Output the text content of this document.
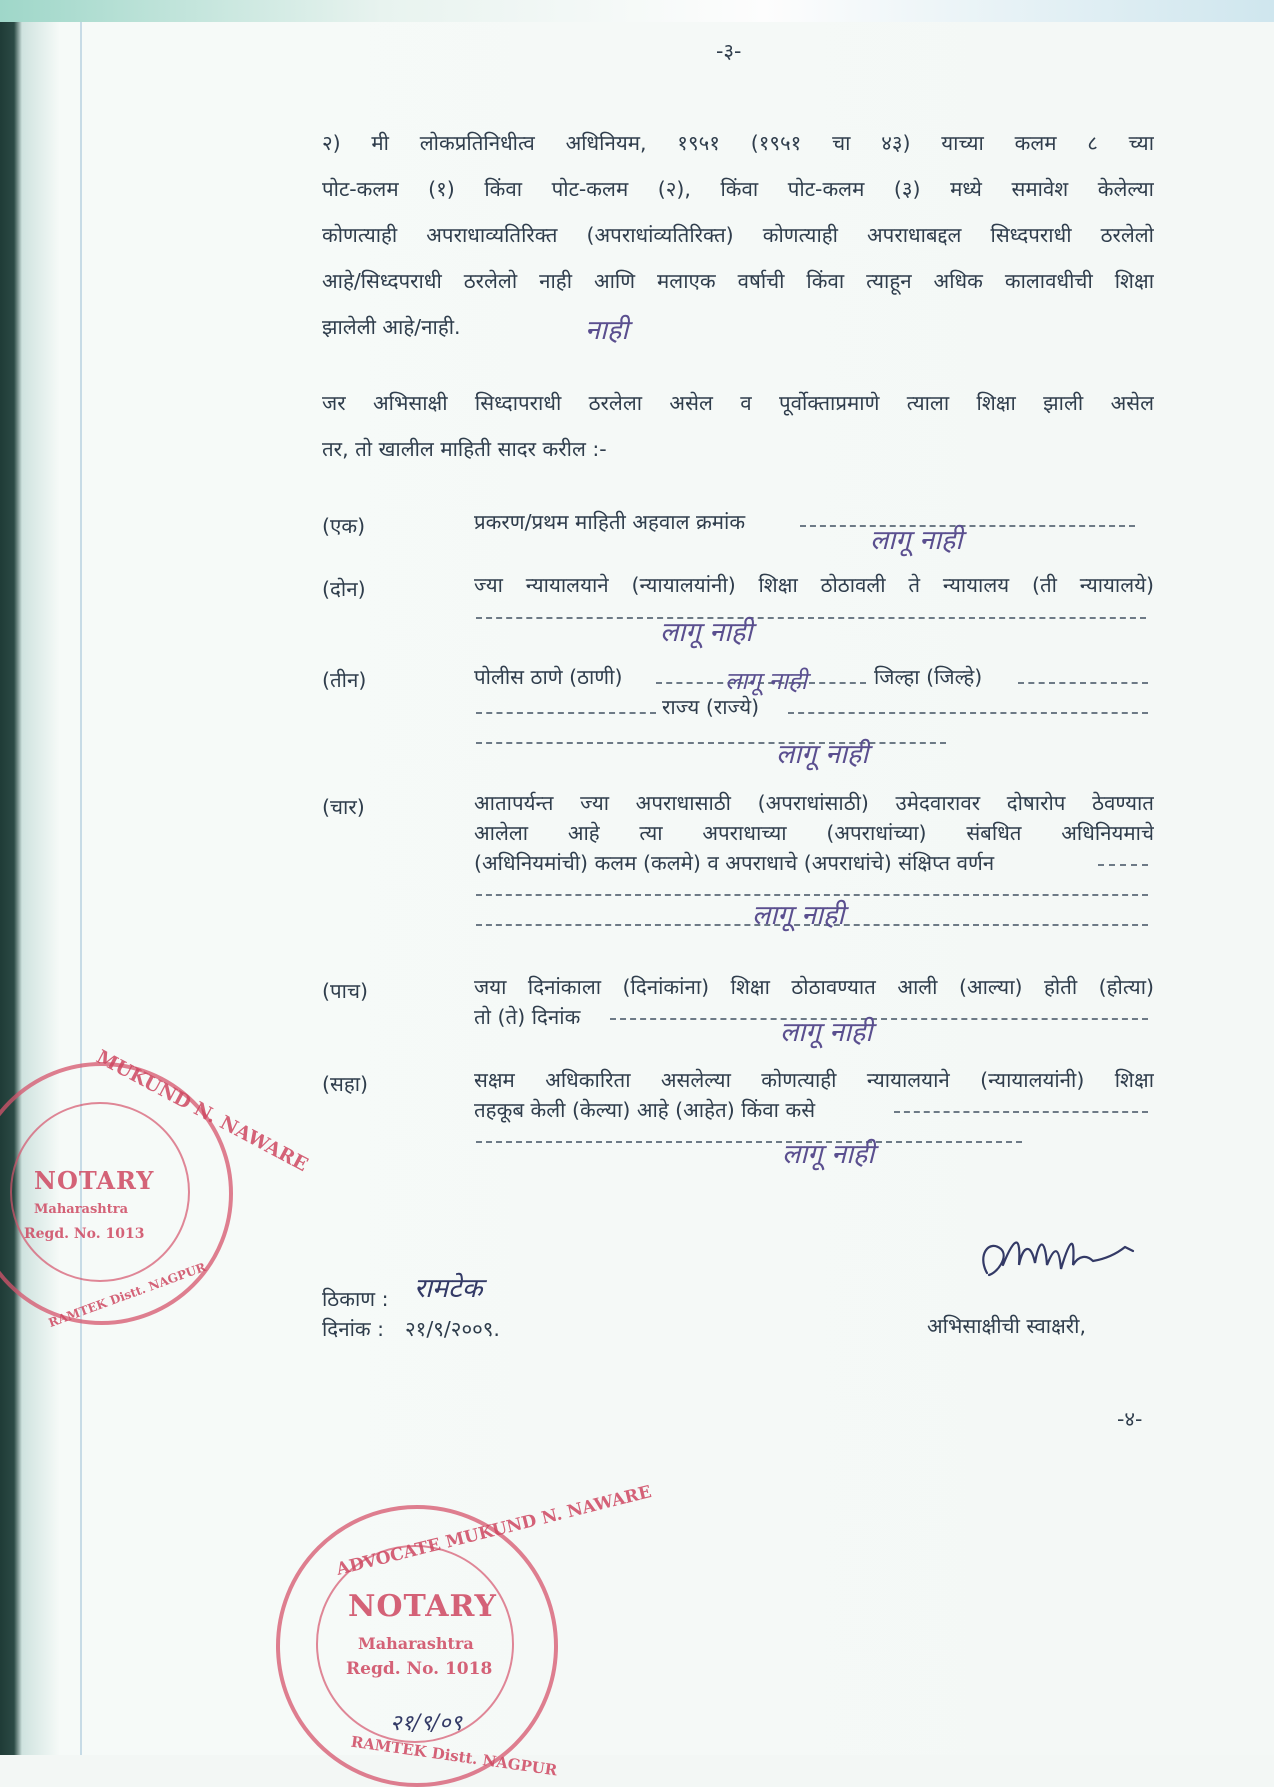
-३-
२) मी लोकप्रतिनिधीत्व अधिनियम, १९५१ (१९५१ चा ४३) याच्या कलम ८ च्या
पोट-कलम (१) किंवा पोट-कलम (२), किंवा पोट-कलम (३) मध्ये समावेश केलेल्या
कोणत्याही अपराधाव्यतिरिक्त (अपराधांव्यतिरिक्त) कोणत्याही अपराधाबद्दल सिध्दपराधी ठरलेलो
आहे/सिध्दपराधी ठरलेलो नाही आणि मलाएक वर्षाची किंवा त्याहून अधिक कालावधीची शिक्षा
झालेली आहे/नाही.	नाही
जर अभिसाक्षी सिध्दापराधी ठरलेला असेल व पूर्वोक्ताप्रमाणे त्याला शिक्षा झाली असेल
तर, तो खालील माहिती सादर करील :-
(एक)	प्रकरण/प्रथम माहिती अहवाल क्रमांक
लागू नाही
(दोन)	ज्या न्यायालयाने (न्यायालयांनी) शिक्षा ठोठावली ते न्यायालय (ती न्यायालये)
लागू नाही
(तीन)	पोलीस ठाणे (ठाणी)	लागू नाही	जिल्हा (जिल्हे)
राज्य (राज्ये)
लागू नाही
(चार)	आतापर्यन्त ज्या अपराधासाठी (अपराधांसाठी) उमेदवारावर दोषारोप ठेवण्यात
आलेला आहे त्या अपराधाच्या (अपराधांच्या) संबधित अधिनियमाचे
(अधिनियमांची) कलम (कलमे) व अपराधाचे (अपराधांचे) संक्षिप्त वर्णन
लागू नाही
(पाच)	जया दिनांकाला (दिनांकांना) शिक्षा ठोठावण्यात आली (आल्या) होती (होत्या)
तो (ते) दिनांक	लागू नाही
(सहा)	सक्षम अधिकारिता असलेल्या कोणत्याही न्यायालयाने (न्यायालयांनी) शिक्षा
तहकूब केली (केल्या) आहे (आहेत) किंवा कसे
लागू नाही
ठिकाण : रामटेक
दिनांक : २१/९/२००९.	अभिसाक्षीची स्वाक्षरी,
-४-
MUKUND N. NAWARE
NOTARY
Maharashtra
Regd. No. 1013
RAMTEK Distt. NAGPUR
ADVOCATE MUKUND N. NAWARE
NOTARY
Maharashtra
Regd. No. 1018
RAMTEK Distt. NAGPUR
२१/९/०९
